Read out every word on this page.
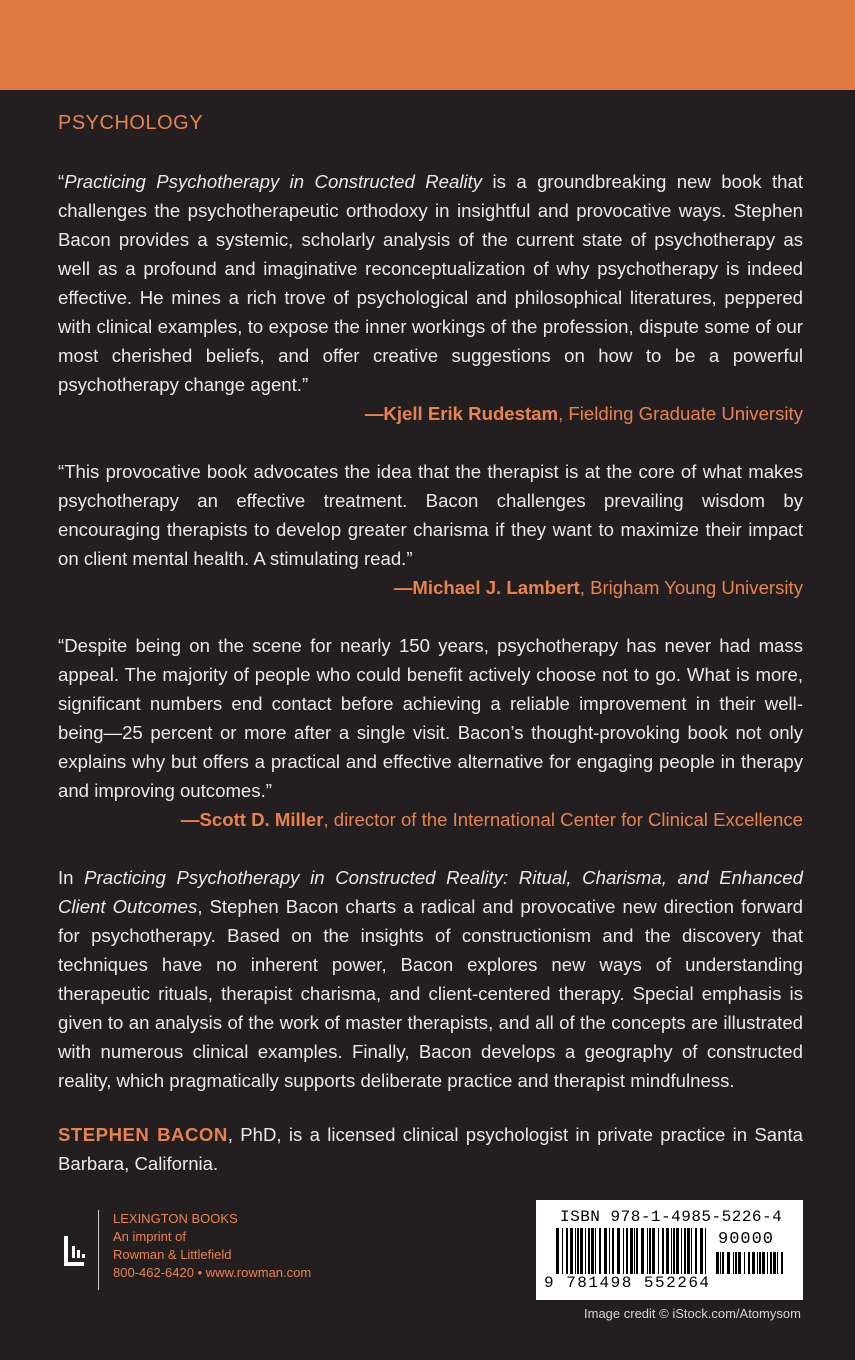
PSYCHOLOGY

“Practicing Psychotherapy in Constructed Reality is a groundbreaking new book that challenges the psychotherapeutic orthodoxy in insightful and provocative ways. Stephen Bacon provides a systemic, scholarly analysis of the current state of psychotherapy as well as a profound and imaginative reconceptualization of why psychotherapy is indeed effective. He mines a rich trove of psychological and philosophical literatures, peppered with clinical examples, to expose the inner workings of the profession, dispute some of our most cherished beliefs, and offer creative suggestions on how to be a powerful psychotherapy change agent.”

—Kjell Erik Rudestam, Fielding Graduate University

“This provocative book advocates the idea that the therapist is at the core of what makes psychotherapy an effective treatment. Bacon challenges prevailing wisdom by encouraging therapists to develop greater charisma if they want to maximize their impact on client mental health. A stimulating read.”

—Michael J. Lambert, Brigham Young University

“Despite being on the scene for nearly 150 years, psychotherapy has never had mass appeal. The majority of people who could benefit actively choose not to go. What is more, significant numbers end contact before achieving a reliable improvement in their well-being—25 percent or more after a single visit. Bacon’s thought-provoking book not only explains why but offers a practical and effective alternative for engaging people in therapy and improving outcomes.”

—Scott D. Miller, director of the International Center for Clinical Excellence

In Practicing Psychotherapy in Constructed Reality: Ritual, Charisma, and Enhanced Client Outcomes, Stephen Bacon charts a radical and provocative new direction forward for psychotherapy. Based on the insights of constructionism and the discovery that techniques have no inherent power, Bacon explores new ways of understanding therapeutic rituals, therapist charisma, and client-centered therapy. Special emphasis is given to an analysis of the work of master therapists, and all of the concepts are illustrated with numerous clinical examples. Finally, Bacon develops a geography of constructed reality, which pragmatically supports deliberate practice and therapist mindfulness.

STEPHEN BACON, PhD, is a licensed clinical psychologist in private practice in Santa Barbara, California.

LEXINGTON BOOKS
An imprint of
Rowman & Littlefield
800-462-6420 • www.rowman.com
ISBN 978-1-4985-5226-4
90000
9 781498 552264
Image credit © iStock.com/Atomysom
